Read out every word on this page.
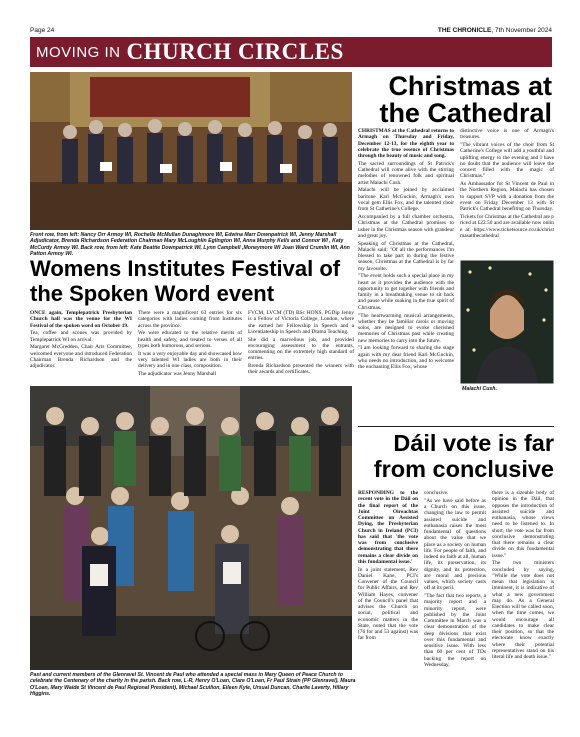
Page 24	THE CHRONICLE, 7th November 2024
MOVING IN CHURCH CIRCLES
Front row, from left: Nancy Orr Armoy WI, Rochelle McMullan Dunaghmore WI, Edwina Marr Downpatrick WI, Jenny Marshall Adjudicator, Brenda Richardson Federation Chairman Mary McLoughlin Eglington WI, Anna Murphy Kells and Connor WI , Katy McCurdy Armoy WI. Back row, from left: Kate Beattie Downpatrick WI, Lynn Campbell ,Moneymore WI Joan Ward Crumlin WI, Ann Patton Armoy WI.
Womens Institutes Festival of the Spoken Word event

ONCE again, Templepatrick Presbyterian Church hall was the venue for the WI Festival of the spoken word on October 19.

Tea, coffee and scones was provided by Templepatrick WI on arrival.

Margaret McGredden, Chair Arts Committee, welcomed everyone and introduced Federation Chairman Brenda Richardson and the adjudicator.

There were a magnificent 63 entries for six categories with ladies coming from Institutes across the province.

We were educated to the relative merits of health and safety, and treated to verses of all types both humorous, and serious.

It was a very enjoyable day and showcased how very talented WI ladies are both in their delivery and in one class, composition.

The adjudicator was Jenny Marshall

FVCM, LVCM (TD) BSc HONS, PGDip Jenny is a Fellow of Victoria College, London, where she earned her Fellowship in Speech and a Licentiateship in Speech and Drama Teaching.

She did a marvellous job, and provided encouraging assessment to the entrants, commenting on the extremely high standard of entries.

Brenda Richardson presented the winners with their awards and certificates.

Past and current members of the Glenravel St. Vincent de Paul who attended a special mass in Mary Queen of Peace Church to celebrate the Centenary of the charity in the parish. Back row, L-R, Henry O'Loan, Clare O'Loan, Fr Paul Strain (PP Glenravel), Maura O'Loan, Mary Waide St Vincent de Paul Regional President), Michael Scullion, Eileen Kyle, Ursual Duncan, Charlie Laverty, Hillary Higgins.
Christmas at
the Cathedral

CHRISTMAS at the Cathedral returns to Armagh on Thursday and Friday, December 12-13, for the eighth year to celebrate the true essence of Christmas through the beauty of music and song.

The sacred surroundings of St Patrick's Cathedral will come alive with the stirring melodies of renowned folk and spiritual artist Malachi Cush.

Malachi will be joined by acclaimed baritone Karl McGuckin, Armagh's own vocal gem Ellis Fox, and the talented choir from St Catherine's College.

Accompanied by a full chamber orchestra, Christmas at the Cathedral promises to usher in the Christmas season with grandeur and great joy.

Speaking of Christmas at the Cathedral, Malachi said: "Of all the performances I'm blessed to take part in during the festive season, Christmas at the Cathedral is by far my favourite.

"The event holds such a special place in my heart as it provides the audience with the opportunity to get together with friends and family in a breathtaking venue to sit back and pause while soaking in the true spirit of Christmas.

"The heartwarming musical arrangements, whether they be familiar carols or moving solos, are designed to evoke cherished memories of Christmas past while creating new memories to carry into the future.

"I am looking forward to sharing the stage again with my dear friend Karl McGuckin, who needs no introduction, and to welcome the enchanting Ellis Fox, whose

distinctive voice is one of Armagh's treasures.

"The vibrant voices of the choir from St Catherine's College will add a youthful and uplifting energy to the evening and I have no doubt that the audience will leave the concert filled with the magic of Christmas."

As Ambassador for St Vincent de Paul in the Northern Region, Malachi has chosen to support SVP with a donation from the event on Friday December 13 with St Patrick's Cathedral benefiting on Thursday.

Tickets for Christmas at the Cathedral are priced at £22.50 and are available now online at: https://www.ticketsource.co.uk/christmasatthecathedral

Malachi Cush.
Dáil vote is far from conclusive

RESPONDING to the recent vote in the Dáil on the final report of the Joint Oireachtas Committee on Assisted Dying, the Presbyterian Church in Ireland (PCI) has said that 'the vote was from conclusive demonstrating that there remains a clear divide on this fundamental issue.'

In a joint statement, Rev Daniel Kane, PCI's Convener of the Council for Public Affairs, and Rev William Hayes, convener of the Council's panel that advises the Church on social, political and economic matters in the State, noted that the vote (76 for and 53 against) was far from

conclusive.

"As we have said before as a Church on this issue, changing the law to permit assisted suicide and euthanasia raises the most fundamental of questions about the value that we place as a society on human life. For people of faith, and indeed no faith at all, human life, its preservation, its dignity, and its protection, are moral and precious values, which society casts off at its peril.

"The fact that two reports, a majority report and a minority report, were published by the Joint Committee in March was a clear demonstration of the deep divisions that exist over this fundamental and sensitive issue. With less than 60 per cent of TDs backing the report on Wednesday,

there is a sizeable body of opinion in the Dáil, that opposes the introduction of assisted suicide and euthanasia, whose views need to be listened to. In short, the vote was far from conclusive demonstrating that there remains a clear divide on this fundamental issue."

The two ministers concluded by saying, "While the vote does not mean that legislation is imminent, it is indicative of what a new government may do. As a General Election will be called soon, when the time comes, we would encourage all candidates to make clear their position, so that the electorate know exactly where their potential representatives stand on his literal life and death issue."
